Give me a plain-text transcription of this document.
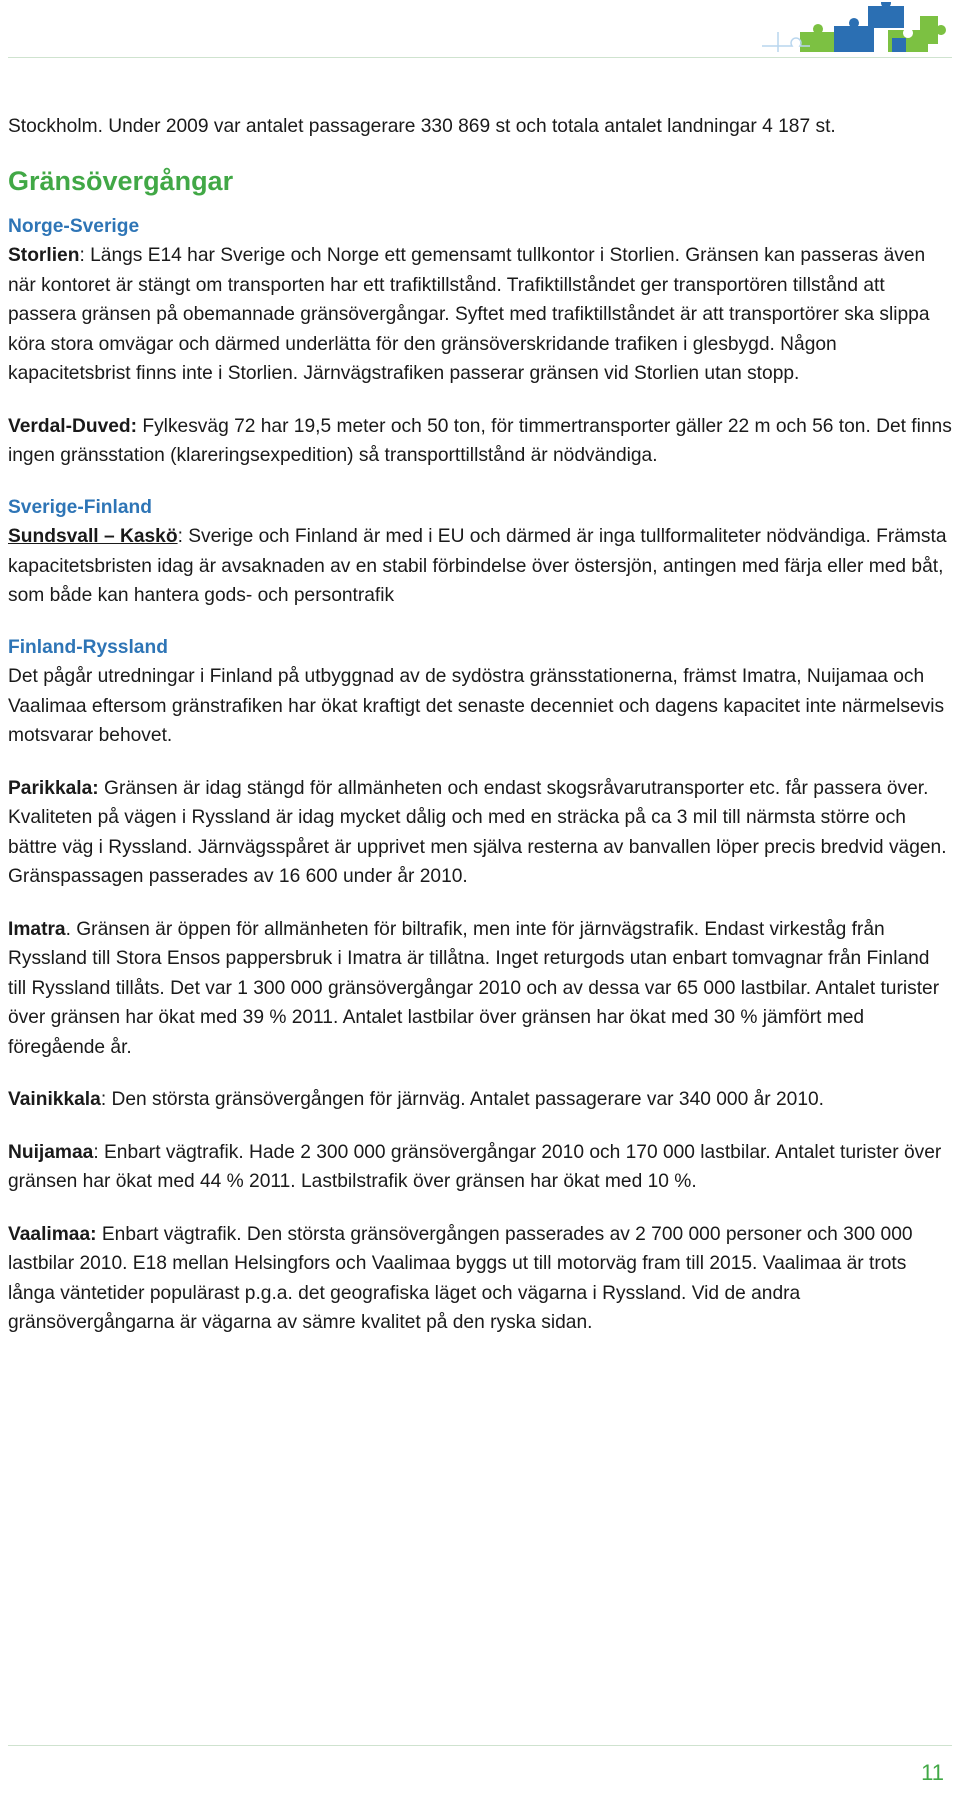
Stockholm. Under 2009 var antalet passagerare 330 869 st och totala antalet landningar 4 187 st.

Gränsövergångar
Norge-Sverige

Storlien: Längs E14 har Sverige och Norge ett gemensamt tullkontor i Storlien. Gränsen kan passeras även när kontoret är stängt om transporten har ett trafiktillstånd. Trafiktillståndet ger transportören tillstånd att passera gränsen på obemannade gränsövergångar. Syftet med trafiktillståndet är att transportörer ska slippa köra stora omvägar och därmed underlätta för den gränsöverskridande trafiken i glesbygd. Någon kapacitetsbrist finns inte i Storlien. Järnvägstrafiken passerar gränsen vid Storlien utan stopp.

Verdal-Duved: Fylkesväg 72 har 19,5 meter och 50 ton, för timmertransporter gäller 22 m och 56 ton. Det finns ingen gränsstation (klareringsexpedition) så transporttillstånd är nödvändiga.

Sverige-Finland

Sundsvall – Kaskö: Sverige och Finland är med i EU och därmed är inga tullformaliteter nödvändiga. Främsta kapacitetsbristen idag är avsaknaden av en stabil förbindelse över östersjön, antingen med färja eller med båt, som både kan hantera gods- och persontrafik

Finland-Ryssland

Det pågår utredningar i Finland på utbyggnad av de sydöstra gränsstationerna, främst Imatra, Nuijamaa och Vaalimaa eftersom gränstrafiken har ökat kraftigt det senaste decenniet och dagens kapacitet inte närmelsevis motsvarar behovet.

Parikkala: Gränsen är idag stängd för allmänheten och endast skogsråvarutransporter etc. får passera över. Kvaliteten på vägen i Ryssland är idag mycket dålig och med en sträcka på ca 3 mil till närmsta större och bättre väg i Ryssland. Järnvägsspåret är upprivet men själva resterna av banvallen löper precis bredvid vägen. Gränspassagen passerades av 16 600 under år 2010.

Imatra. Gränsen är öppen för allmänheten för biltrafik, men inte för järnvägstrafik. Endast virkeståg från Ryssland till Stora Ensos pappersbruk i Imatra är tillåtna. Inget returgods utan enbart tomvagnar från Finland till Ryssland tillåts. Det var 1 300 000 gränsövergångar 2010 och av dessa var 65 000 lastbilar. Antalet turister över gränsen har ökat med 39 % 2011. Antalet lastbilar över gränsen har ökat med 30 % jämfört med föregående år.

Vainikkala: Den största gränsövergången för järnväg. Antalet passagerare var 340 000 år 2010.

Nuijamaa: Enbart vägtrafik. Hade 2 300 000 gränsövergångar 2010 och 170 000 lastbilar. Antalet turister över gränsen har ökat med 44 % 2011. Lastbilstrafik över gränsen har ökat med 10 %.

Vaalimaa: Enbart vägtrafik. Den största gränsövergången passerades av 2 700 000 personer och 300 000 lastbilar 2010. E18 mellan Helsingfors och Vaalimaa byggs ut till motorväg fram till 2015. Vaalimaa är trots långa väntetider populärast p.g.a. det geografiska läget och vägarna i Ryssland. Vid de andra gränsövergångarna är vägarna av sämre kvalitet på den ryska sidan.

11
